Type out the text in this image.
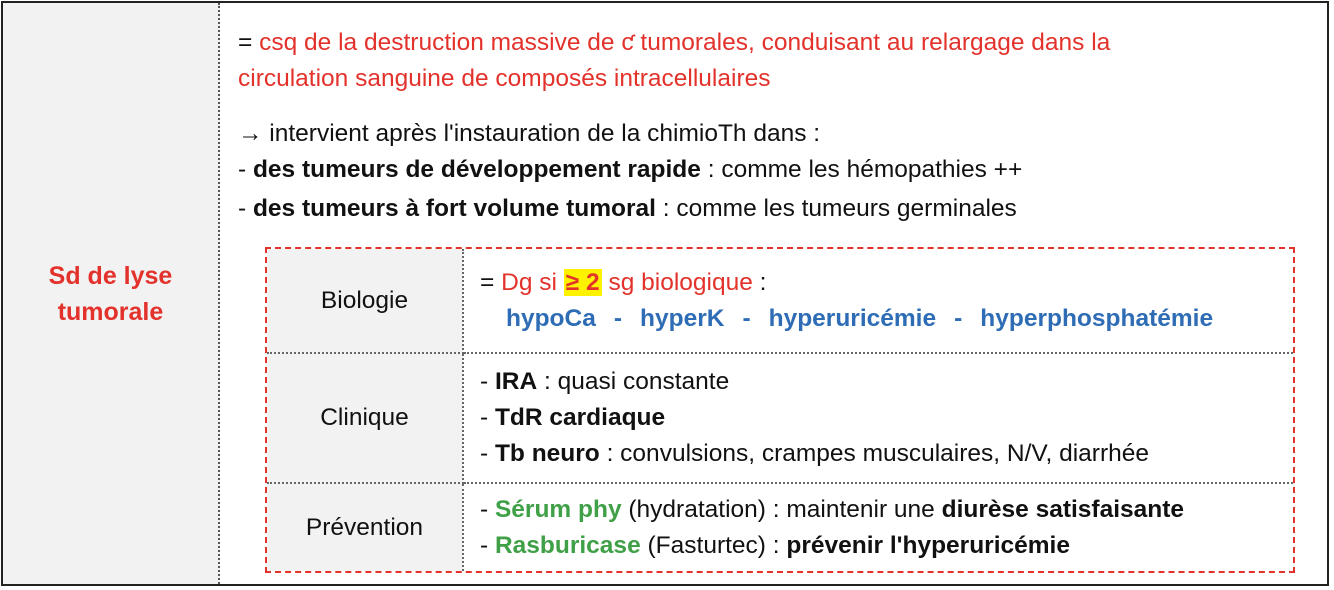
Sd de lyse
tumorale
= csq de la destruction massive de ƈ tumorales, conduisant au relargage dans la
circulation sanguine de composés intracellulaires
→ intervient après l'instauration de la chimioTh dans :
- des tumeurs de développement rapide : comme les hémopathies ++
- des tumeurs à fort volume tumoral : comme les tumeurs germinales
Biologie	= Dg si ≥ 2 sg biologique :
hypoCa - hyperK - hyperuricémie - hyperphosphatémie

Clinique	- IRA : quasi constante
- TdR cardiaque
- Tb neuro : convulsions, crampes musculaires, N/V, diarrhée

Prévention	- Sérum phy (hydratation) : maintenir une diurèse satisfaisante
- Rasburicase (Fasturtec) : prévenir l'hyperuricémie
